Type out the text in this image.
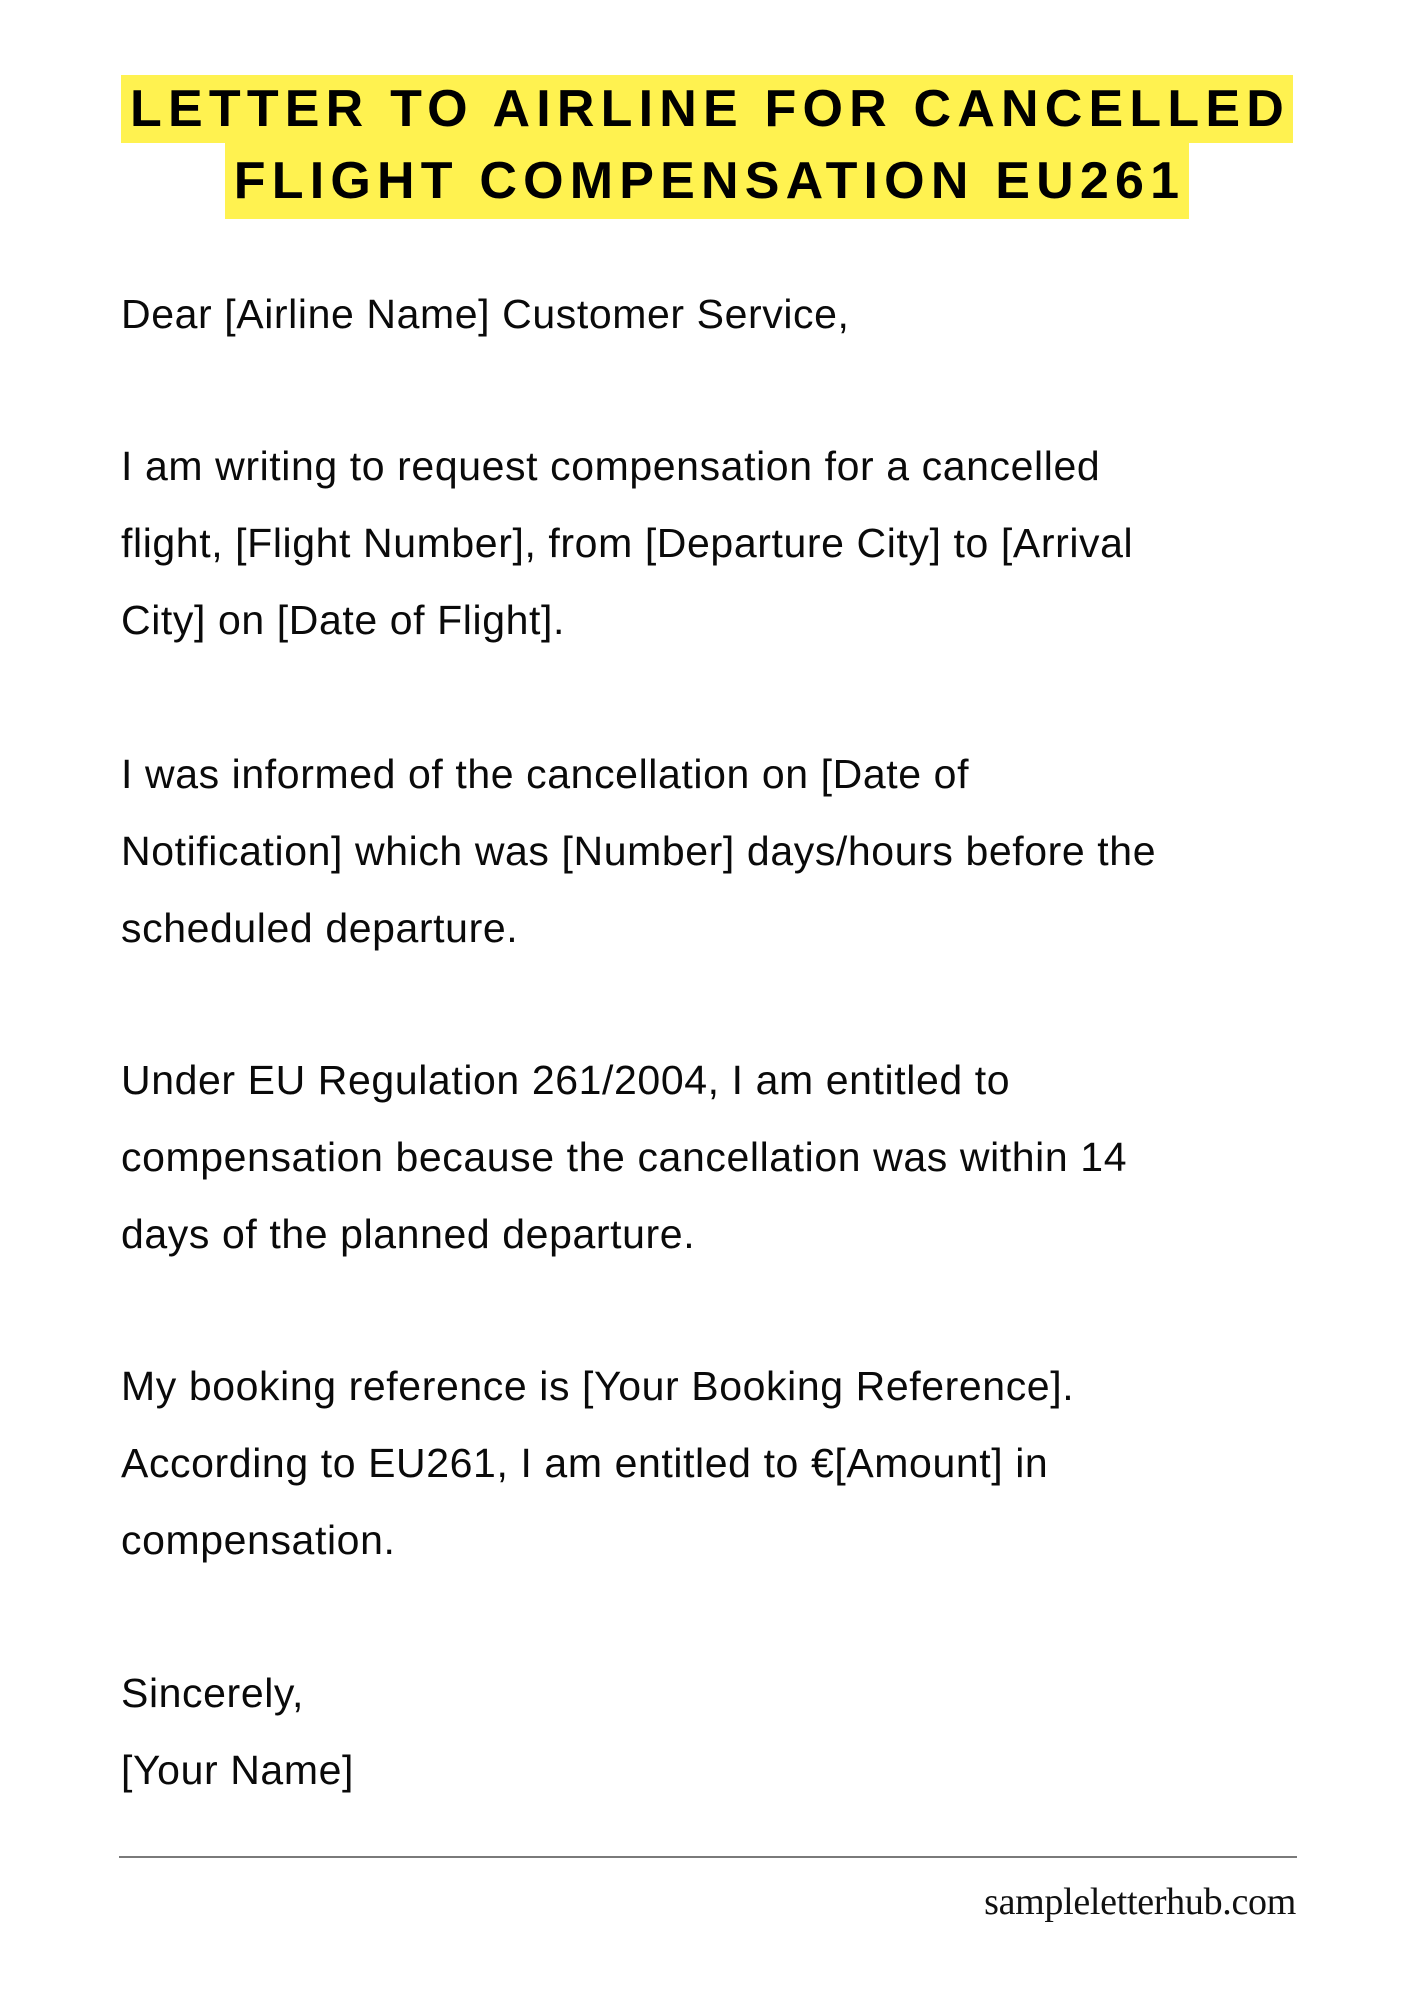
LETTER TO AIRLINE FOR CANCELLED
FLIGHT COMPENSATION EU261
Dear [Airline Name] Customer Service,
I am writing to request compensation for a cancelled
flight, [Flight Number], from [Departure City] to [Arrival
City] on [Date of Flight].
I was informed of the cancellation on [Date of
Notification] which was [Number] days/hours before the
scheduled departure.
Under EU Regulation 261/2004, I am entitled to
compensation because the cancellation was within 14
days of the planned departure.
My booking reference is [Your Booking Reference].
According to EU261, I am entitled to €[Amount] in
compensation.
Sincerely,
[Your Name]
sampleletterhub.com
